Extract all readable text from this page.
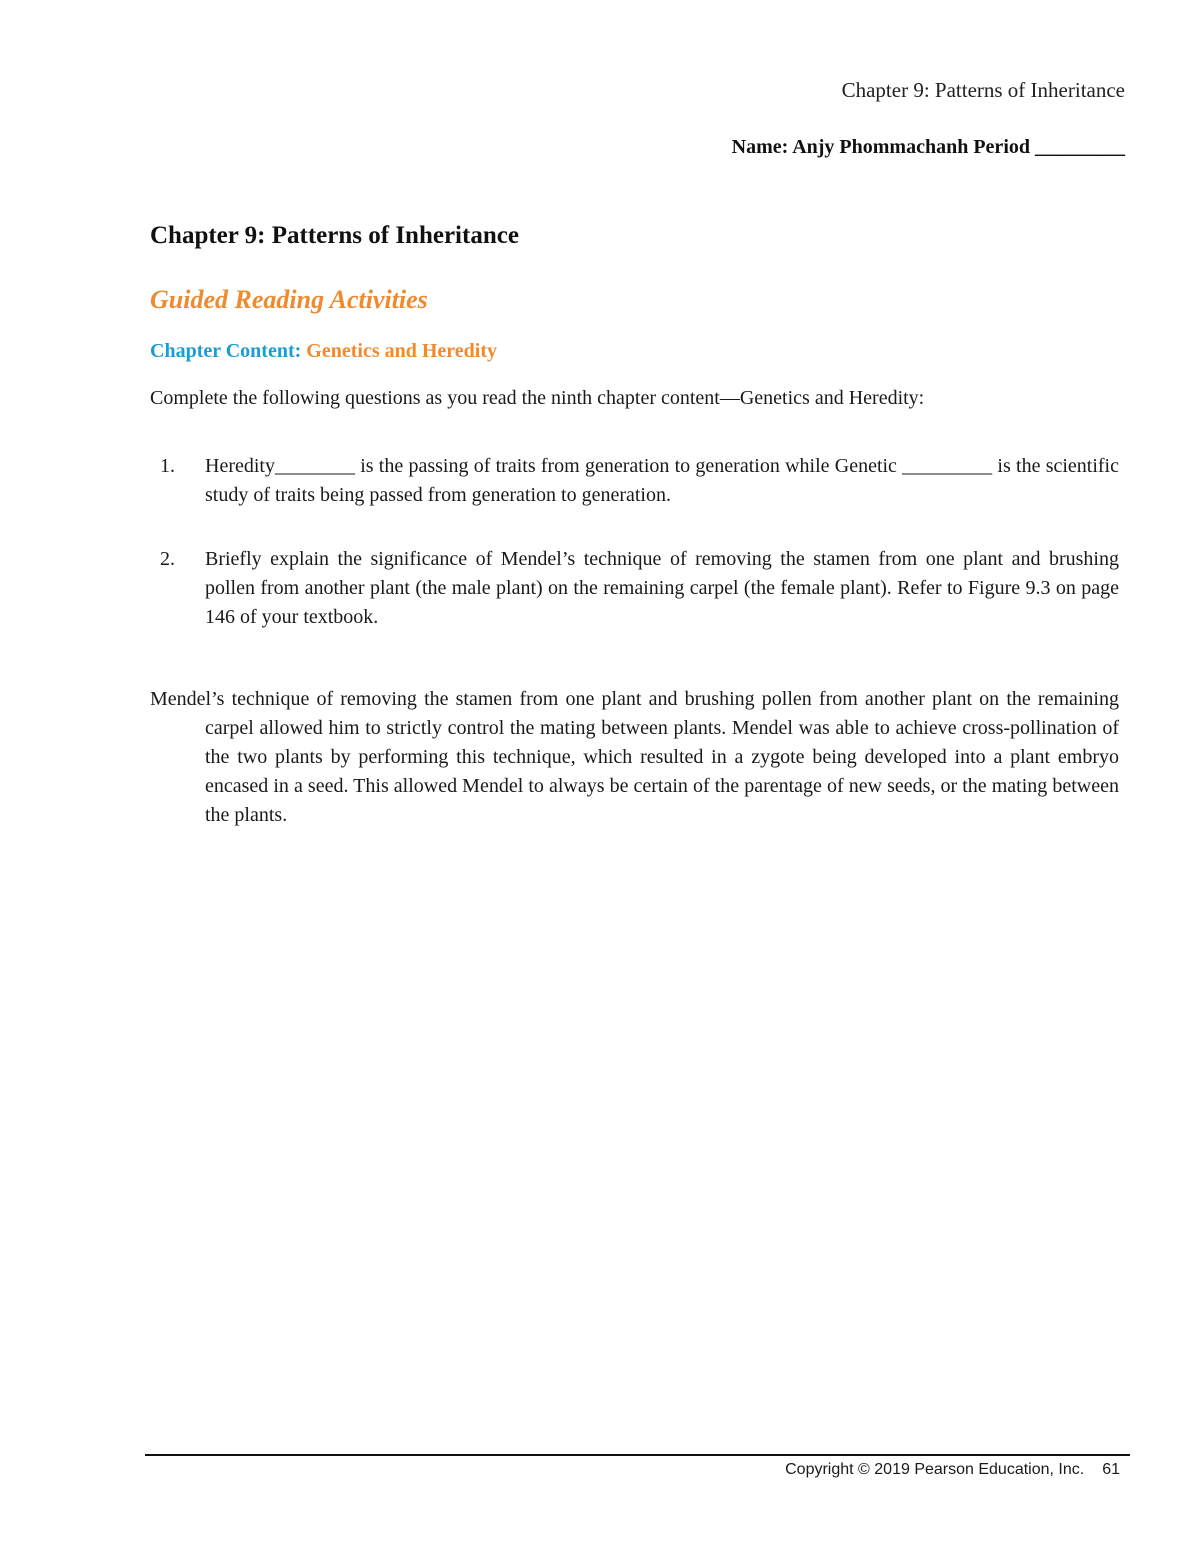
Chapter 9: Patterns of Inheritance
Name: Anjy Phommachanh Period _________
Chapter 9: Patterns of Inheritance
Guided Reading Activities
Chapter Content: Genetics and Heredity
Complete the following questions as you read the ninth chapter content—Genetics and Heredity:
1. Heredity________ is the passing of traits from generation to generation while Genetic _________ is the scientific study of traits being passed from generation to generation.
2. Briefly explain the significance of Mendel’s technique of removing the stamen from one plant and brushing pollen from another plant (the male plant) on the remaining carpel (the female plant). Refer to Figure 9.3 on page 146 of your textbook.
Mendel’s technique of removing the stamen from one plant and brushing pollen from another plant on the remaining carpel allowed him to strictly control the mating between plants. Mendel was able to achieve cross-pollination of the two plants by performing this technique, which resulted in a zygote being developed into a plant embryo encased in a seed. This allowed Mendel to always be certain of the parentage of new seeds, or the mating between the plants.
Copyright © 2019 Pearson Education, Inc. 61
